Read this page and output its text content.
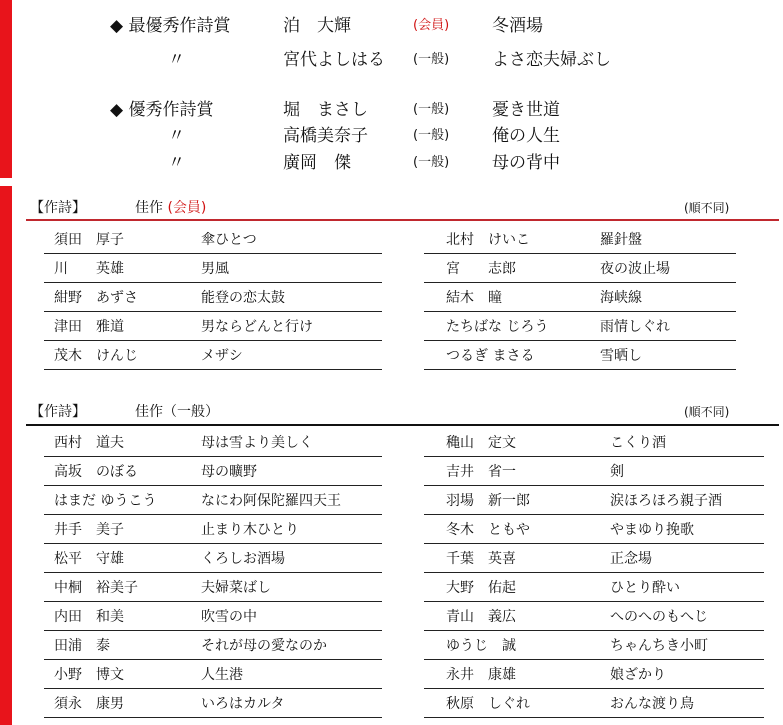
◆ 最優秀作詩賞	泊　大輝	(会員)	冬酒場
〃	宮代よしはる (一般)	よさ恋夫婦ぶし
◆ 優秀作詩賞	堀　まさし	(一般)	憂き世道
〃	高橋美奈子	(一般)	俺の人生
〃	廣岡　傑	(一般)	母の背中
【作詩】	佳作 (会員)	(順不同)
須田　厚子	傘ひとつ
川　　英雄	男風
紺野　あずさ	能登の恋太鼓
津田　雅道	男ならどんと行け
茂木　けんじ	メザシ
北村　けいこ	羅針盤
宮　　志郎	夜の波止場
結木　瞳	海峡線
たちばな じろう	雨情しぐれ
つるぎ まさる	雪晒し
【作詩】	佳作（一般）	(順不同)
西村　道夫	母は雪より美しく
高坂　のぼる	母の曠野
はまだ ゆうこう	なにわ阿保陀羅四天王
井手　美子	止まり木ひとり
松平　守雄	くろしお酒場
中桐　裕美子	夫婦菜ばし
内田　和美	吹雪の中
田浦　泰	それが母の愛なのか
小野　博文	人生港
須永　康男	いろはカルタ
穐山　定文	こくり酒
吉井　省一	剣
羽場　新一郎	涙ほろほろ親子酒
冬木　ともや	やまゆり挽歌
千葉　英喜	正念場
大野　佑起	ひとり酔い
青山　義広	へのへのもへじ
ゆうじ　誠	ちゃんちき小町
永井　康雄	娘ざかり
秋原　しぐれ	おんな渡り鳥
